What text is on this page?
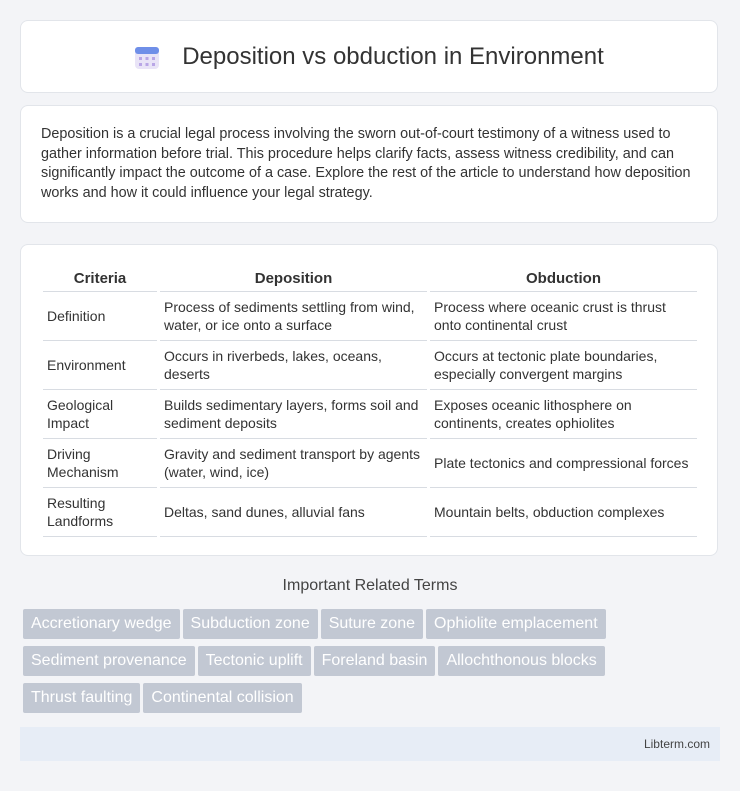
Deposition vs obduction in Environment

Deposition is a crucial legal process involving the sworn out-of-court testimony of a witness used to gather information before trial. This procedure helps clarify facts, assess witness credibility, and can significantly impact the outcome of a case. Explore the rest of the article to understand how deposition works and how it could influence your legal strategy.

Criteria	Deposition	Obduction
Definition	Process of sediments settling from wind, water, or ice onto a surface	Process where oceanic crust is thrust onto continental crust
Environment	Occurs in riverbeds, lakes, oceans, deserts	Occurs at tectonic plate boundaries, especially convergent margins
Geological Impact	Builds sedimentary layers, forms soil and sediment deposits	Exposes oceanic lithosphere on continents, creates ophiolites
Driving Mechanism	Gravity and sediment transport by agents (water, wind, ice)	Plate tectonics and compressional forces
Resulting Landforms	Deltas, sand dunes, alluvial fans	Mountain belts, obduction complexes
Important Related Terms
Accretionary wedge Subduction zone Suture zone Ophiolite emplacement
Sediment provenance Tectonic uplift Foreland basin Allochthonous blocks
Thrust faulting Continental collision
Libterm.com
